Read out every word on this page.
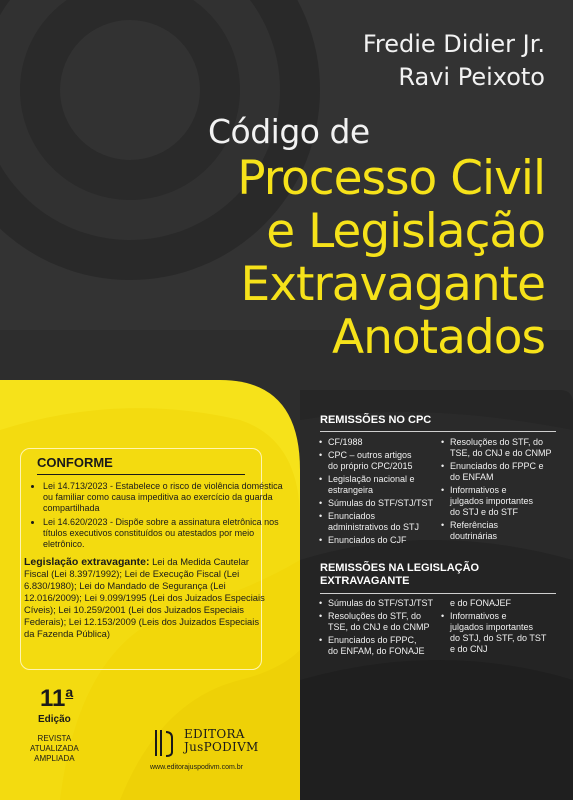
Fredie Didier Jr.
Ravi Peixoto
Código de
Processo Civil
e Legislação
Extravagante
Anotados
CONFORME
• Lei 14.713/2023 - Estabelece o risco de violência doméstica ou familiar como causa impeditiva ao exercício da guarda compartilhada
• Lei 14.620/2023 - Dispõe sobre a assinatura eletrônica nos títulos executivos constituídos ou atestados por meio eletrônico.
Legislação extravagante: Lei da Medida Cautelar Fiscal (Lei 8.397/1992); Lei de Execução Fiscal (Lei 6.830/1980); Lei do Mandado de Segurança (Lei 12.016/2009); Lei 9.099/1995 (Lei dos Juizados Especiais Cíveis); Lei 10.259/2001 (Lei dos Juizados Especiais Federais); Lei 12.153/2009 (Leis dos Juizados Especiais da Fazenda Pública)
11$^a$
Edição
REVISTA
ATUALIZADA
AMPLIADA
EDITORA
JusPODIVM
www.editorajuspodivm.com.br
REMISSÕES NO CPC
• CF/1988
• CPC – outros artigos
do próprio CPC/2015
• Legislação nacional e
estrangeira
• Súmulas do STF/STJ/TST
• Enunciados
administrativos do STJ
• Enunciados do CJF
• Resoluções do STF, do
TSE, do CNJ e do CNMP
• Enunciados do FPPC e
do ENFAM
• Informativos e
julgados importantes
do STJ e do STF
• Referências
doutrinárias
REMISSÕES NA LEGISLAÇÃO
EXTRAVAGANTE
• Súmulas do STF/STJ/TST
• Resoluções do STF, do
TSE, do CNJ e do CNMP
• Enunciados do FPPC,
do ENFAM, do FONAJE
e do FONAJEF
• Informativos e
julgados importantes
do STJ, do STF, do TST
e do CNJ
